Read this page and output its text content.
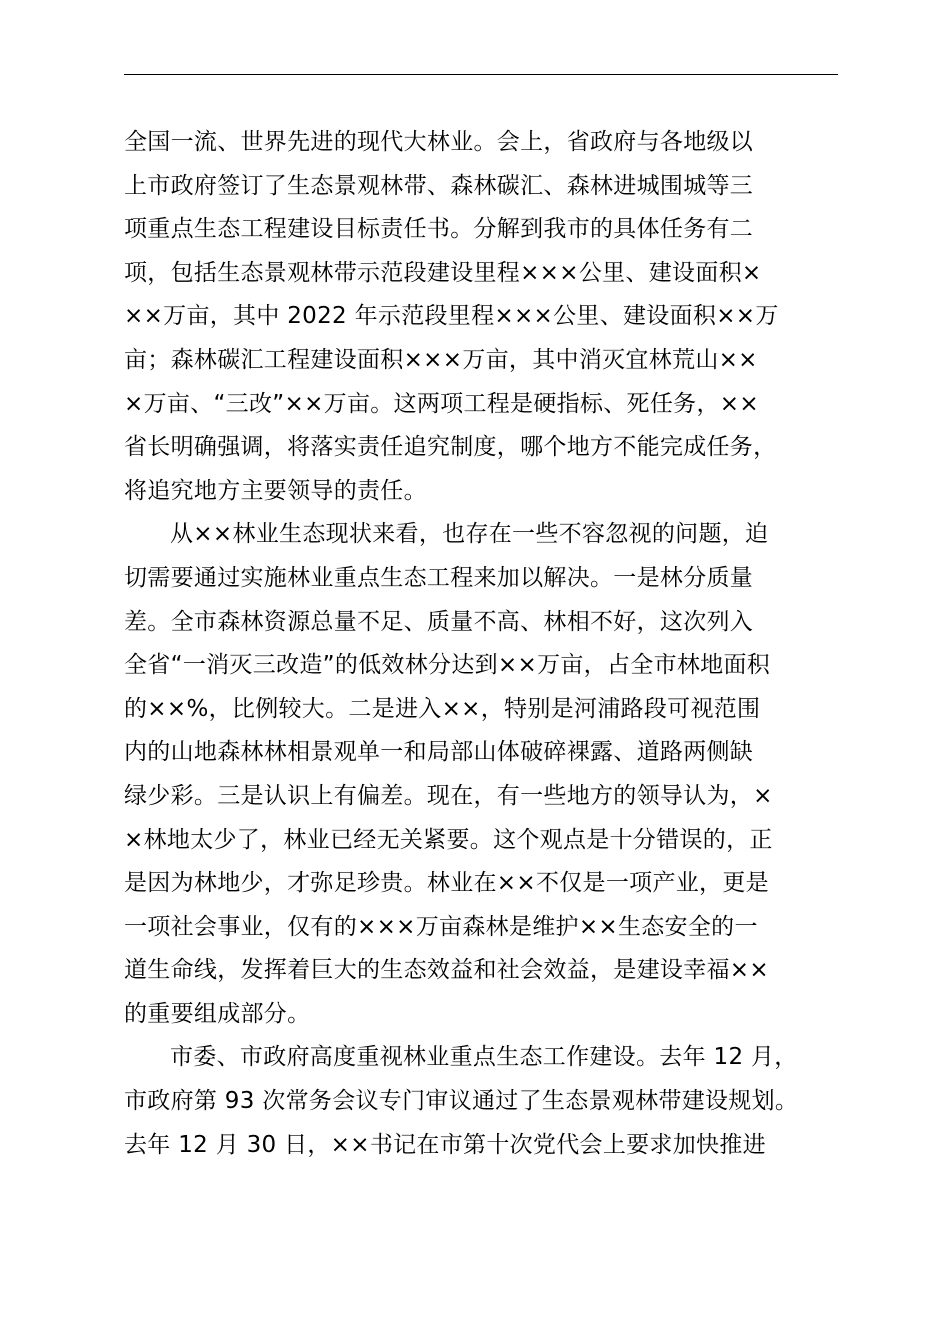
全国一流、世界先进的现代大林业。会上，省政府与各地级以
上市政府签订了生态景观林带、森林碳汇、森林进城围城等三
项重点生态工程建设目标责任书。分解到我市的具体任务有二
项，包括生态景观林带示范段建设里程×××公里、建设面积×
××万亩，其中 2022 年示范段里程×××公里、建设面积××万
亩；森林碳汇工程建设面积×××万亩，其中消灭宜林荒山××
×万亩、“三改”××万亩。这两项工程是硬指标、死任务，××
省长明确强调，将落实责任追究制度，哪个地方不能完成任务，
将追究地方主要领导的责任。
从××林业生态现状来看，也存在一些不容忽视的问题，迫
切需要通过实施林业重点生态工程来加以解决。一是林分质量
差。全市森林资源总量不足、质量不高、林相不好，这次列入
全省“一消灭三改造”的低效林分达到××万亩，占全市林地面积
的××%，比例较大。二是进入××，特别是河浦路段可视范围
内的山地森林林相景观单一和局部山体破碎裸露、道路两侧缺
绿少彩。三是认识上有偏差。现在，有一些地方的领导认为，×
×林地太少了，林业已经无关紧要。这个观点是十分错误的，正
是因为林地少，才弥足珍贵。林业在××不仅是一项产业，更是
一项社会事业，仅有的×××万亩森林是维护××生态安全的一
道生命线，发挥着巨大的生态效益和社会效益，是建设幸福××
的重要组成部分。
市委、市政府高度重视林业重点生态工作建设。去年 12 月，
市政府第 93 次常务会议专门审议通过了生态景观林带建设规划。
去年 12 月 30 日，××书记在市第十次党代会上要求加快推进
